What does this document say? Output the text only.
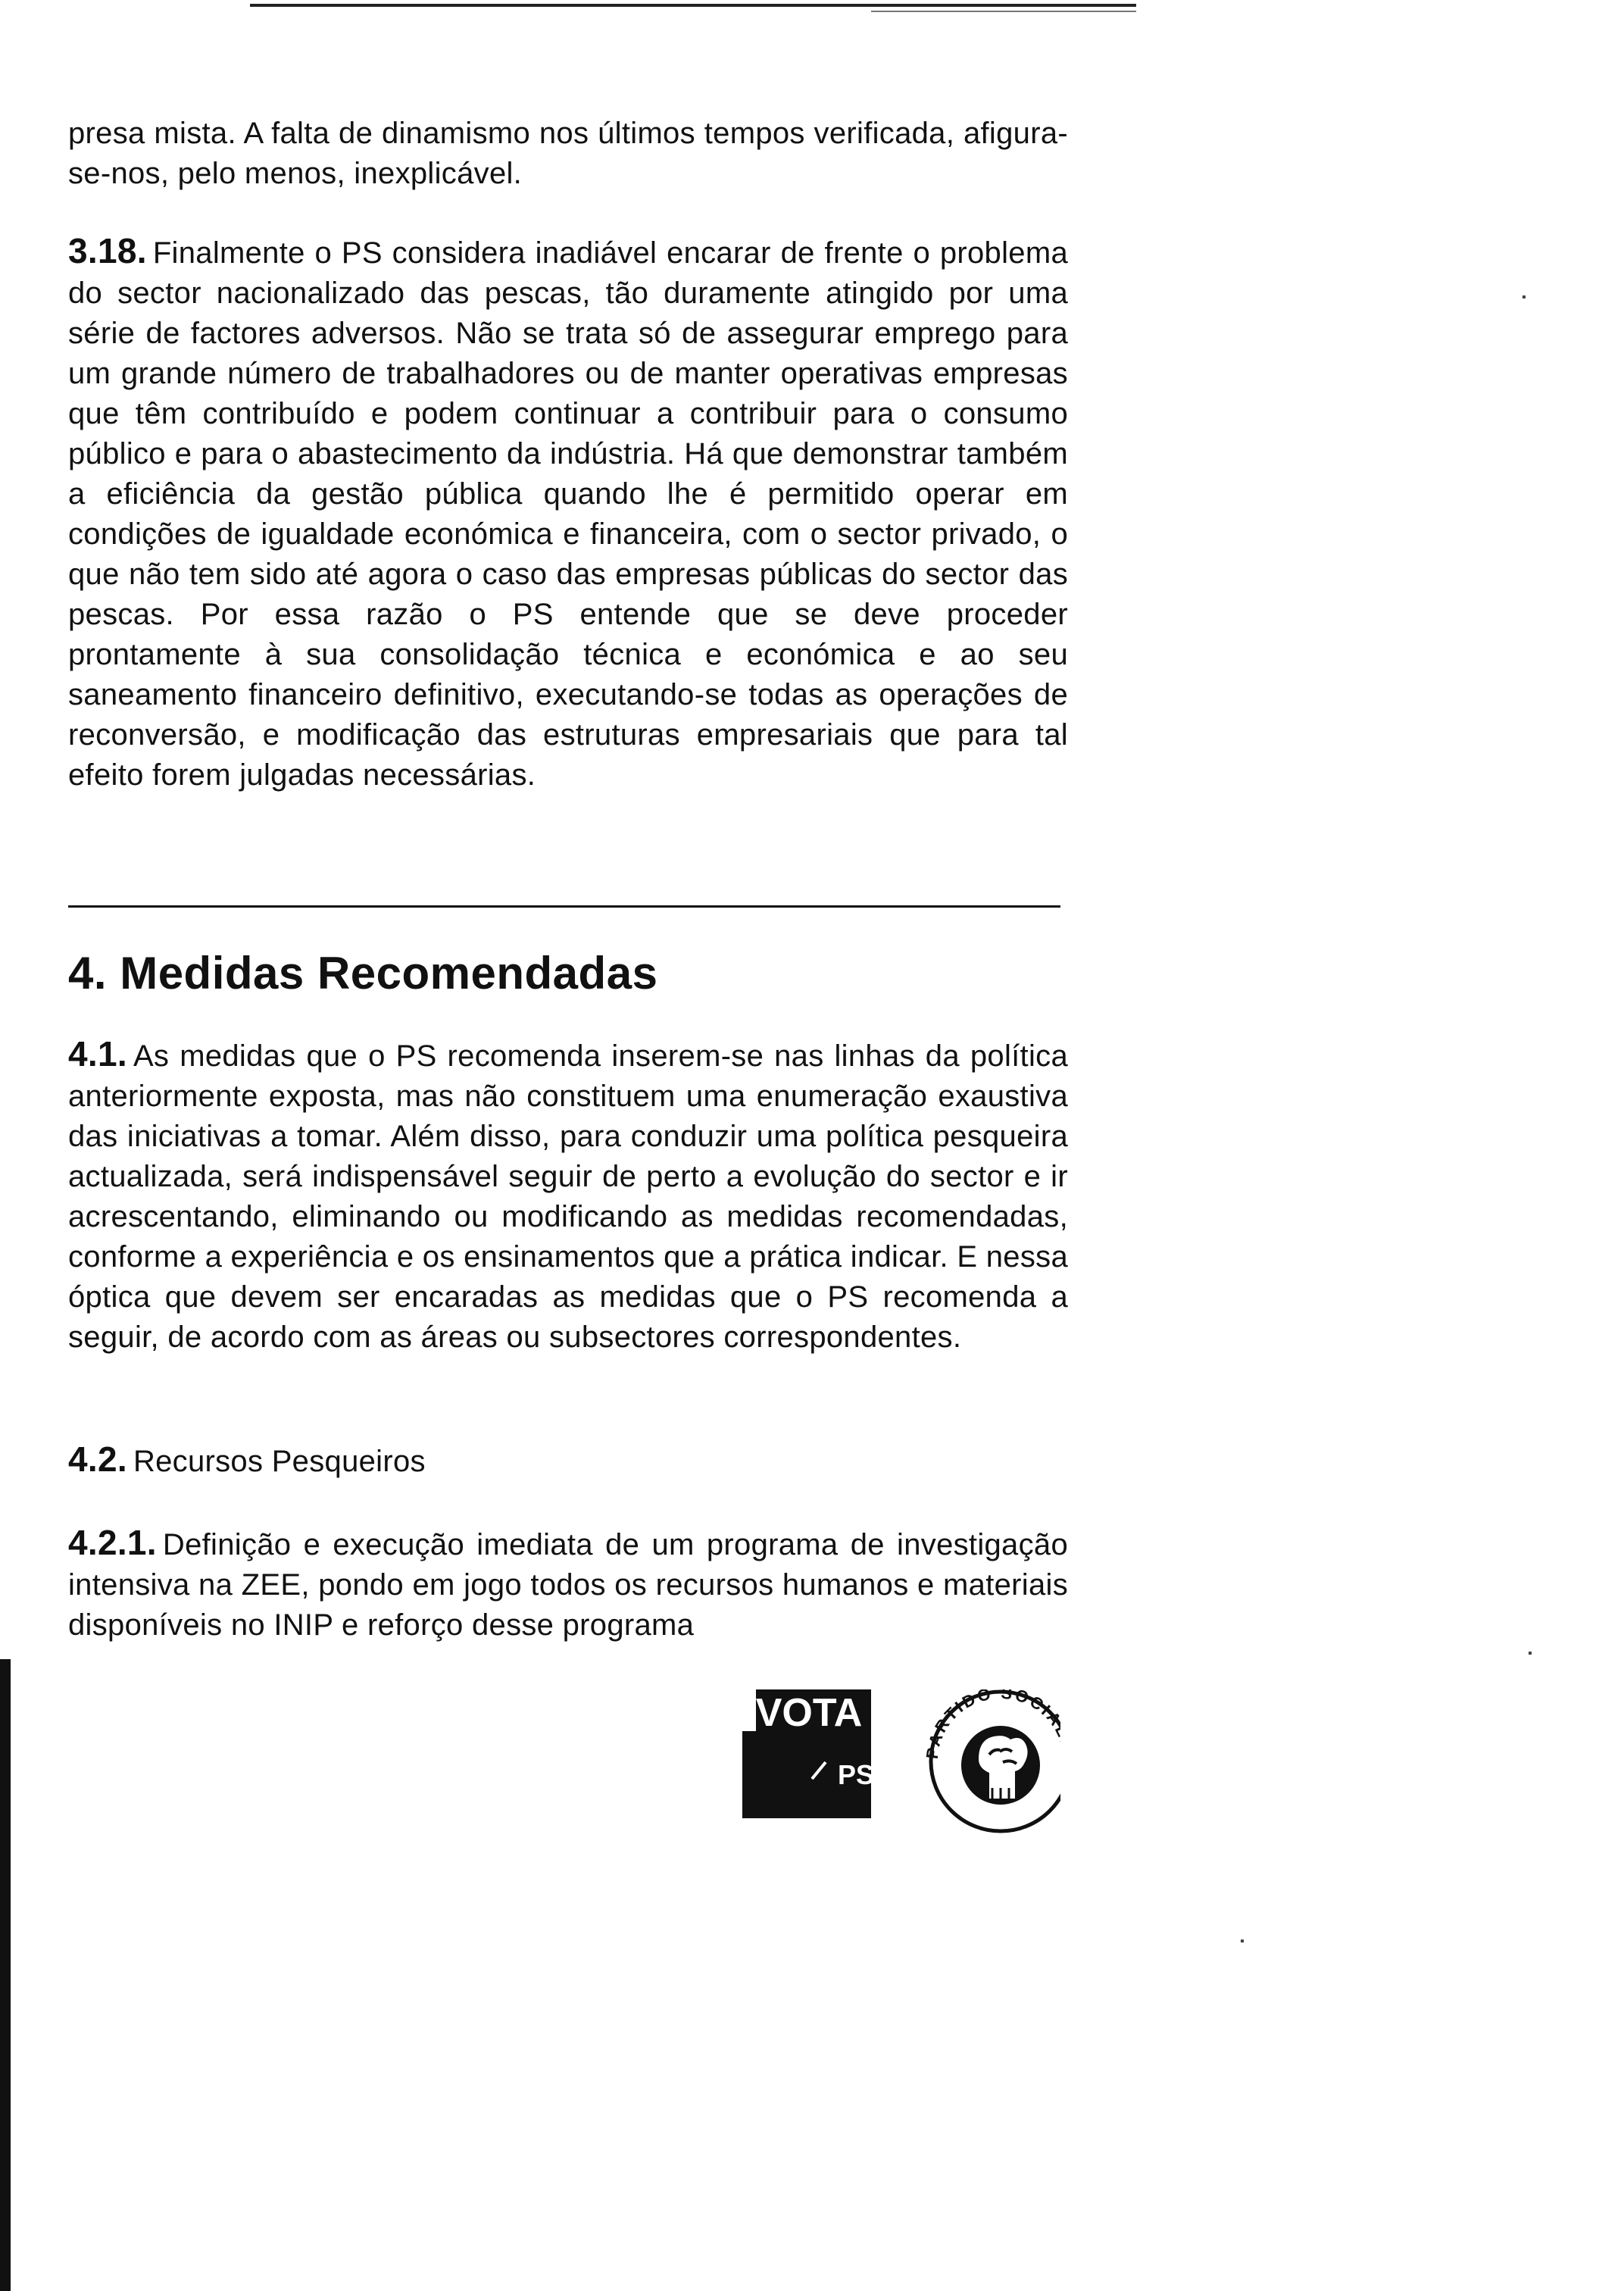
presa mista. A falta de dinamismo nos últimos tempos verificada, afigura-se-nos, pelo menos, inexplicável.

3.18. Finalmente o PS considera inadiável encarar de frente o problema do sector nacionalizado das pescas, tão duramente atingido por uma série de factores adversos. Não se trata só de assegurar emprego para um grande número de trabalhadores ou de manter operativas empresas que têm contribuído e podem continuar a contribuir para o consumo público e para o abastecimento da indústria. Há que demonstrar também a eficiência da gestão pública quando lhe é permitido operar em condições de igualdade económica e financeira, com o sector privado, o que não tem sido até agora o caso das empresas públicas do sector das pescas. Por essa razão o PS entende que se deve proceder prontamente à sua consolidação técnica e económica e ao seu saneamento financeiro definitivo, executando-se todas as operações de reconversão, e modificação das estruturas empresariais que para tal efeito forem julgadas necessárias.

4. Medidas Recomendadas

4.1. As medidas que o PS recomenda inserem-se nas linhas da política anteriormente exposta, mas não constituem uma enumeração exaustiva das iniciativas a tomar. Além disso, para conduzir uma política pesqueira actualizada, será indispensável seguir de perto a evolução do sector e ir acrescentando, eliminando ou modificando as medidas recomendadas, conforme a experiência e os ensinamentos que a prática indicar. E nessa óptica que devem ser encaradas as medidas que o PS recomenda a seguir, de acordo com as áreas ou subsectores correspondentes.

4.2. Recursos Pesqueiros

4.2.1. Definição e execução imediata de um programa de investigação intensiva na ZEE, pondo em jogo todos os recursos humanos e materiais disponíveis no INIP e reforço desse programa

VOTA
PS
PARTIDO SOCI
